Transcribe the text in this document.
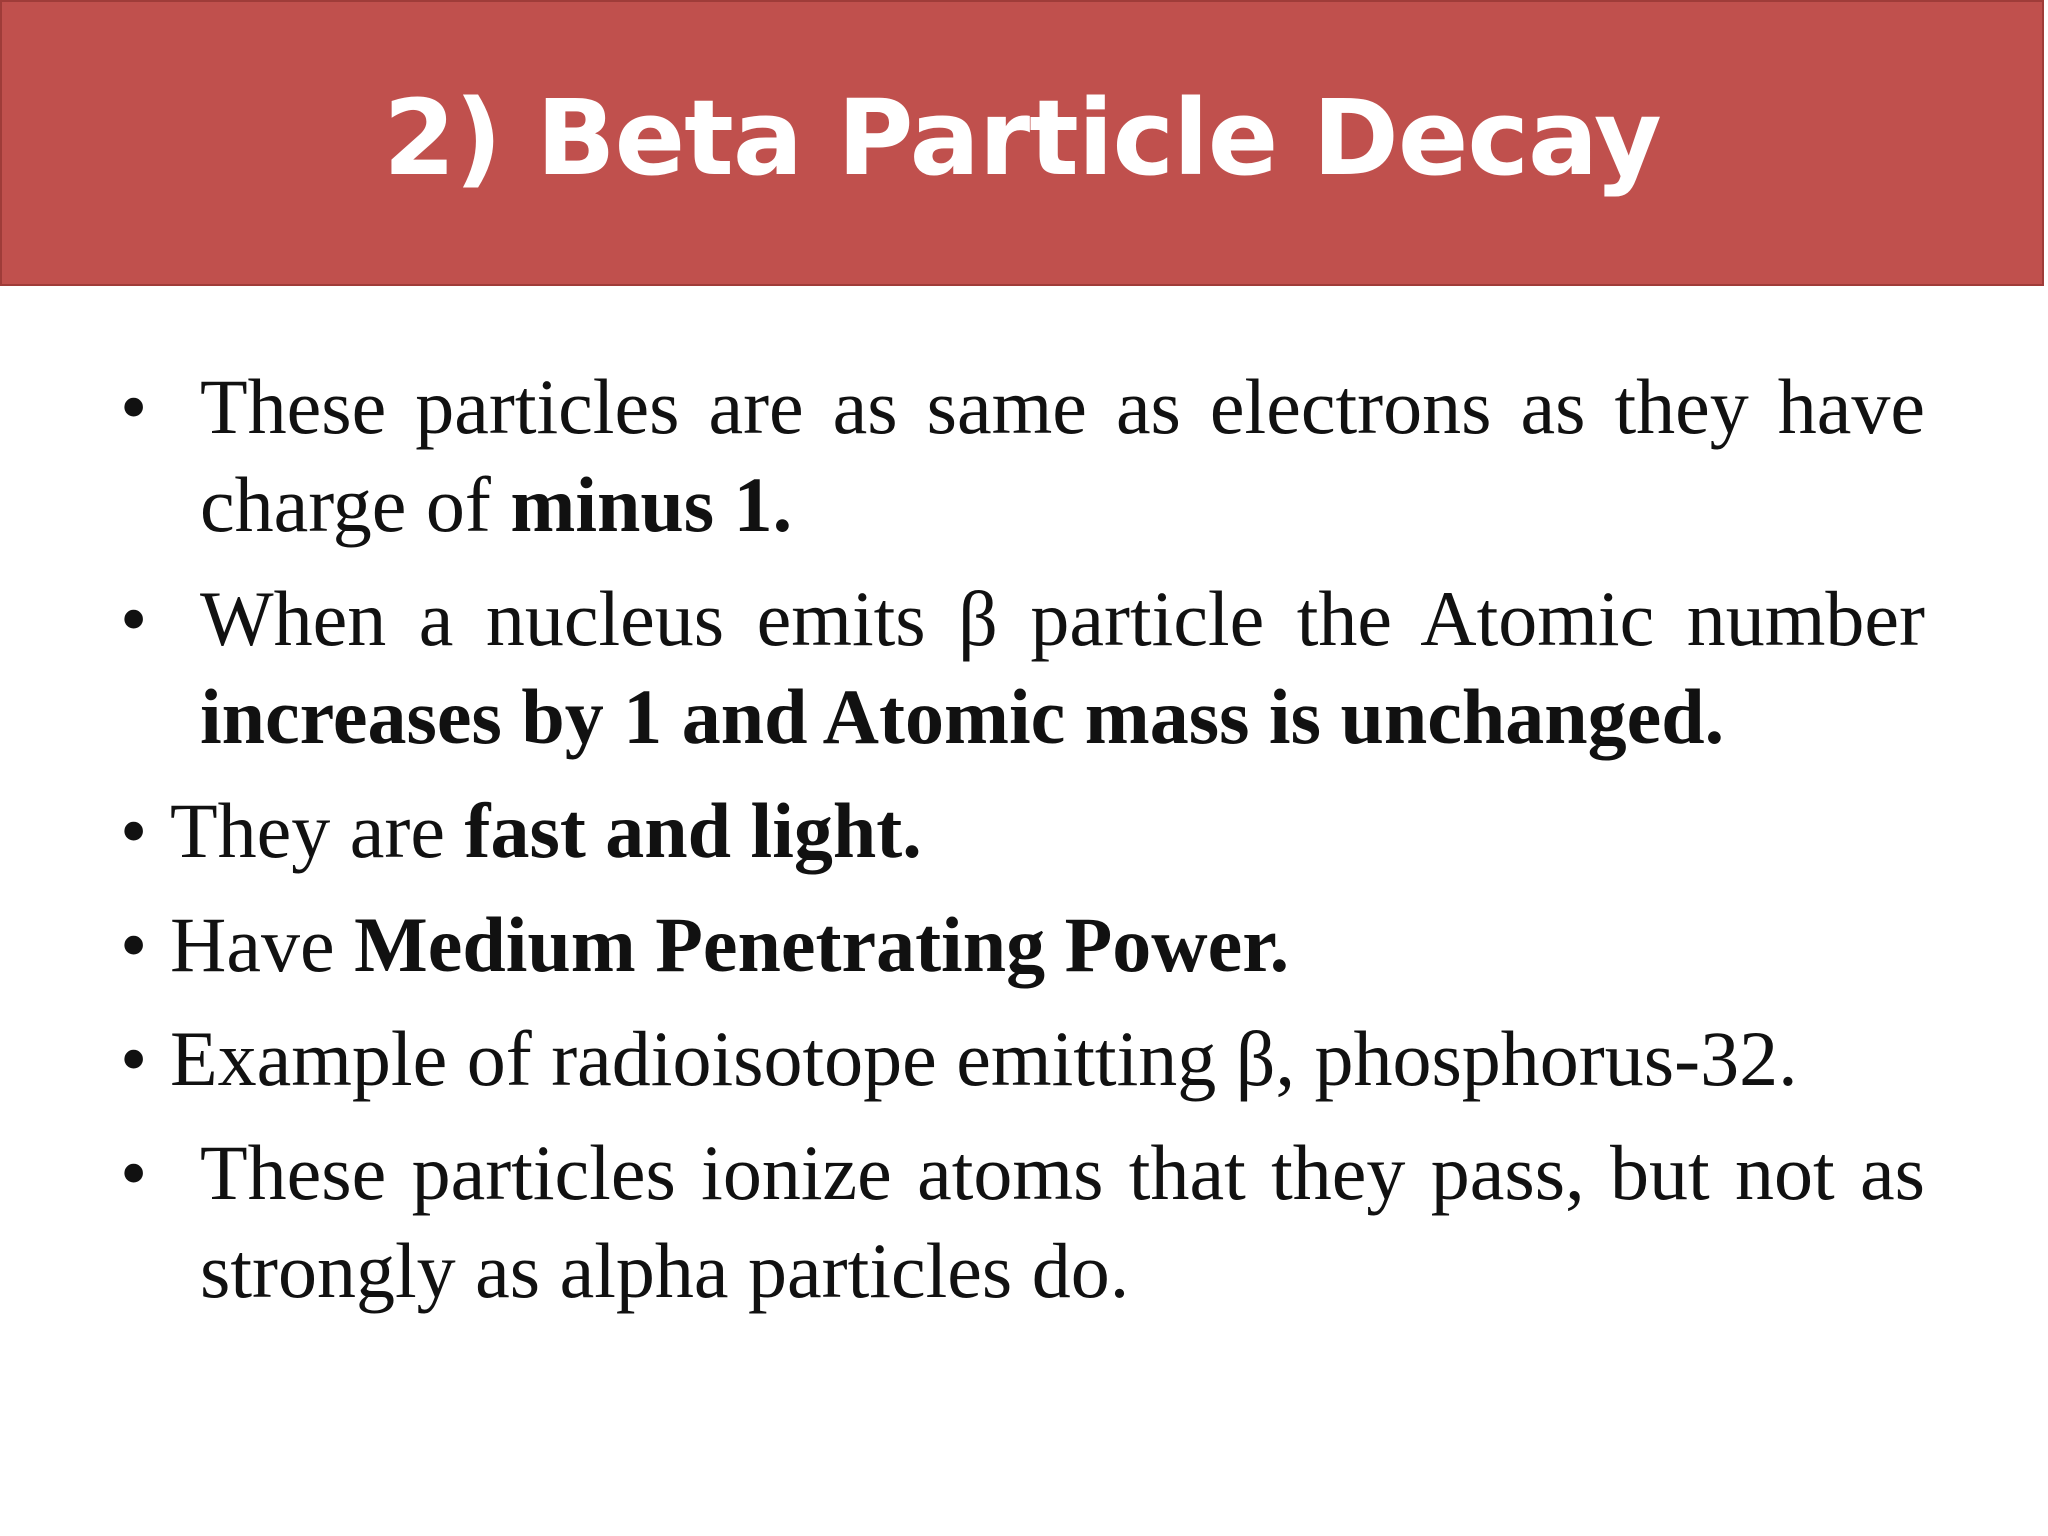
2) Beta Particle Decay
• These particles are as same as electrons as they have charge of minus 1.
• When a nucleus emits β particle the Atomic number increases by 1 and Atomic mass is unchanged.
• They are fast and light.
• Have Medium Penetrating Power.
• Example of radioisotope emitting β, phosphorus-32.
• These particles ionize atoms that they pass, but not as strongly as alpha particles do.
